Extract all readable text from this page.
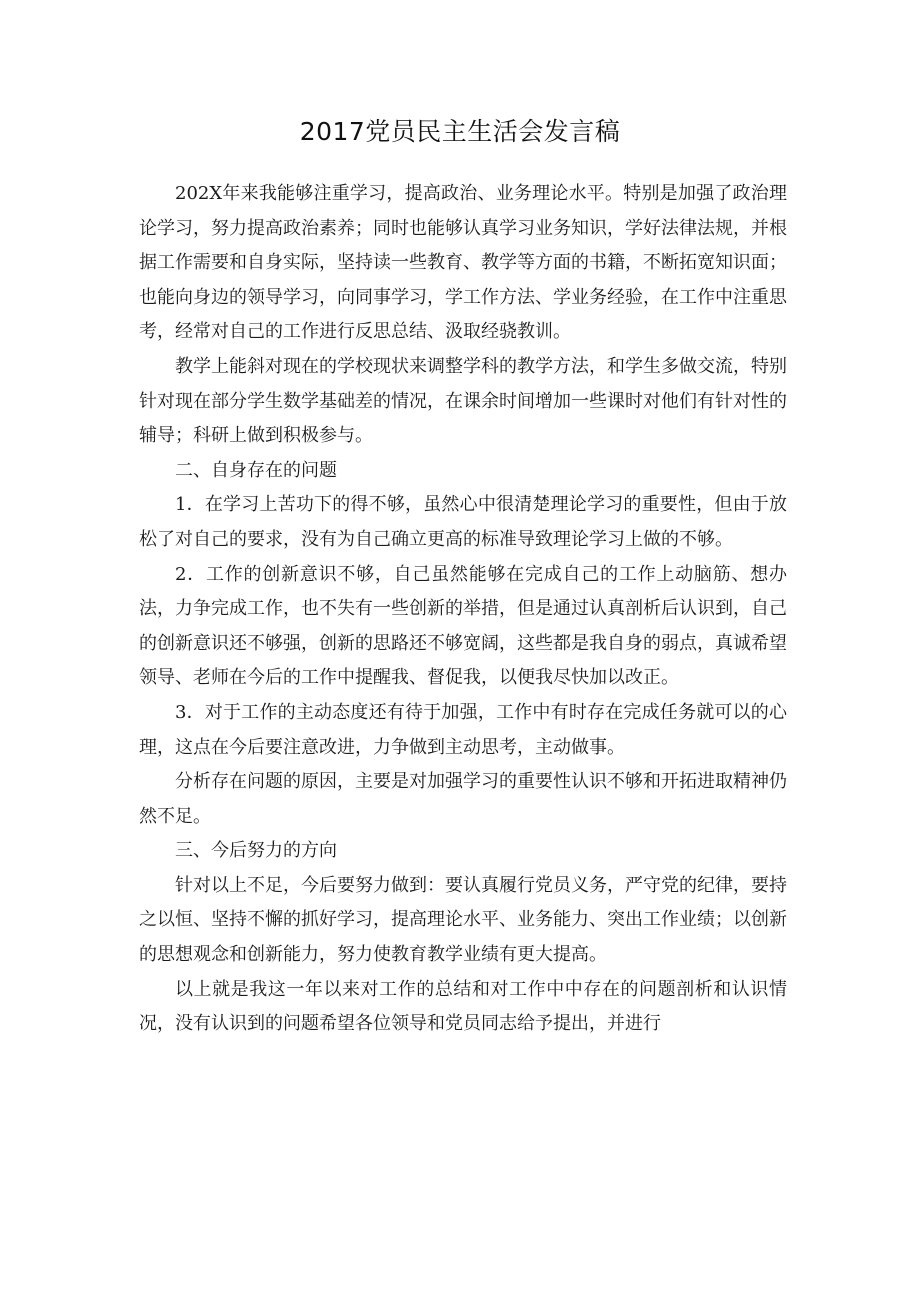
2017党员民主生活会发言稿

202X年来我能够注重学习，提高政治、业务理论水平。特别是加强了政治理论学习，努力提高政治素养；同时也能够认真学习业务知识，学好法律法规，并根据工作需要和自身实际，坚持读一些教育、教学等方面的书籍，不断拓宽知识面；也能向身边的领导学习，向同事学习，学工作方法、学业务经验，在工作中注重思考，经常对自己的工作进行反思总结、汲取经骁教训。

教学上能斜对现在的学校现状来调整学科的教学方法，和学生多做交流，特别针对现在部分学生数学基础差的情况，在课余时间增加一些课时对他们有针对性的辅导；科研上做到积极参与。

二、自身存在的问题

1．在学习上苦功下的得不够，虽然心中很清楚理论学习的重要性，但由于放松了对自己的要求，没有为自己确立更高的标准导致理论学习上做的不够。

2．工作的创新意识不够，自己虽然能够在完成自己的工作上动脑筋、想办法，力争完成工作，也不失有一些创新的举措，但是通过认真剖析后认识到，自己的创新意识还不够强，创新的思路还不够宽阔，这些都是我自身的弱点，真诚希望领导、老师在今后的工作中提醒我、督促我，以便我尽快加以改正。

3．对于工作的主动态度还有待于加强，工作中有时存在完成任务就可以的心理，这点在今后要注意改进，力争做到主动思考，主动做事。

分析存在问题的原因，主要是对加强学习的重要性认识不够和开拓进取精神仍然不足。

三、今后努力的方向

针对以上不足，今后要努力做到：要认真履行党员义务，严守党的纪律，要持之以恒、坚持不懈的抓好学习，提高理论水平、业务能力、突出工作业绩；以创新的思想观念和创新能力，努力使教育教学业绩有更大提高。

以上就是我这一年以来对工作的总结和对工作中中存在的问题剖析和认识情况，没有认识到的问题希望各位领导和党员同志给予提出，并进行
